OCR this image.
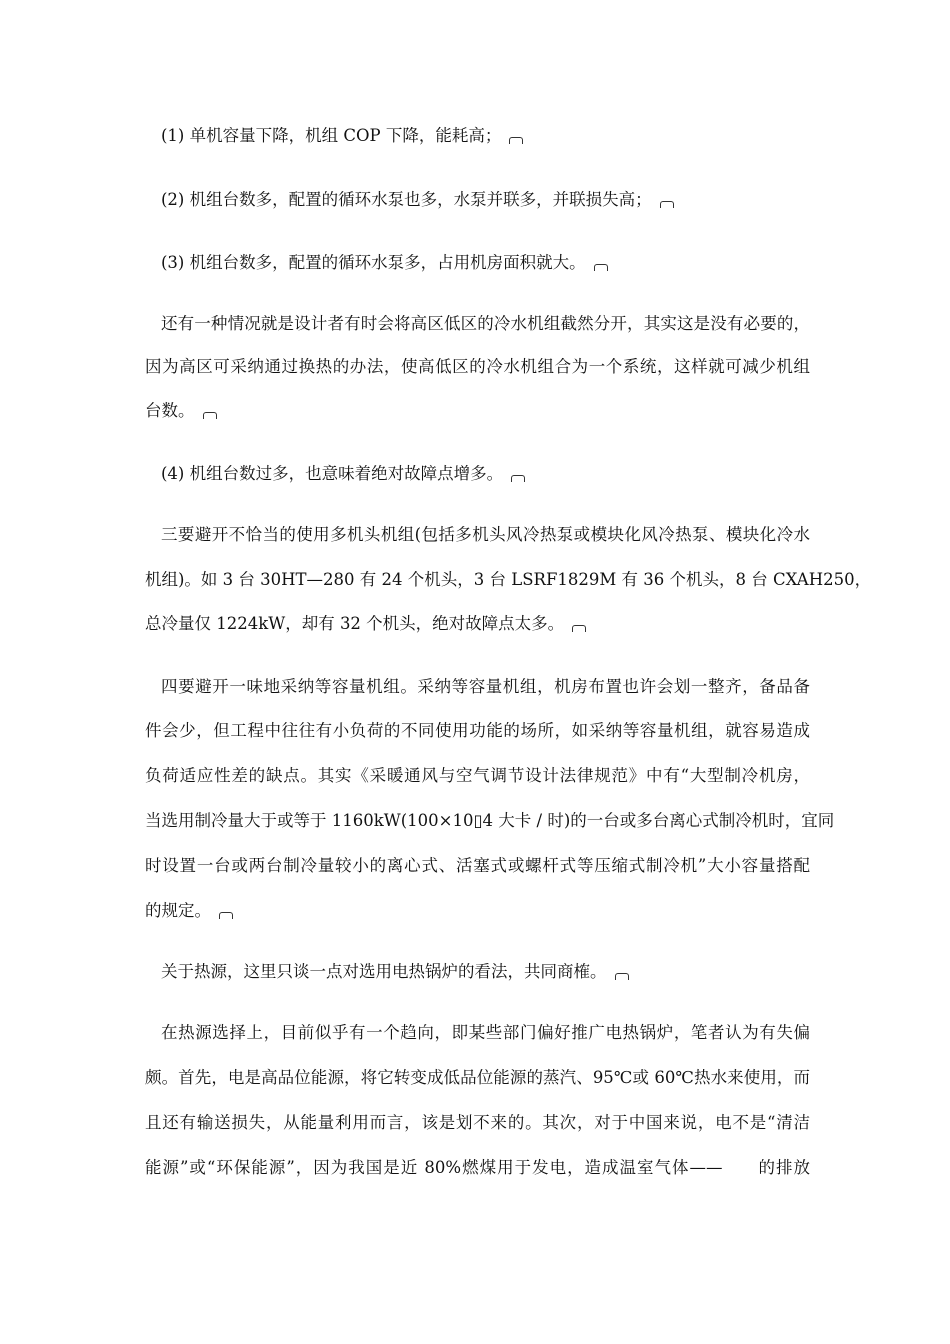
(1) 单机容量下降，机组 COP 下降，能耗高；
(2) 机组台数多，配置的循环水泵也多，水泵并联多，并联损失高；
(3) 机组台数多，配置的循环水泵多，占用机房面积就大。
还有一种情况就是设计者有时会将高区低区的冷水机组截然分开，其实这是没有必要的，
因为高区可采纳通过换热的办法，使高低区的冷水机组合为一个系统，这样就可减少机组
台数。
(4) 机组台数过多，也意味着绝对故障点增多。
三要避开不恰当的使用多机头机组(包括多机头风冷热泵或模块化风冷热泵、模块化冷水
机组)。如 3 台 30HT—280 有 24 个机头，3 台 LSRF1829M 有 36 个机头，8 台 CXAH250，
总冷量仅 1224kW，却有 32 个机头，绝对故障点太多。
四要避开一味地采纳等容量机组。采纳等容量机组，机房布置也许会划一整齐，备品备
件会少，但工程中往往有小负荷的不同使用功能的场所，如采纳等容量机组，就容易造成
负荷适应性差的缺点。其实《采暖通风与空气调节设计法律规范》中有“大型制冷机房，
当选用制冷量大于或等于 1160kW(100×10▯4 大卡 / 时)的一台或多台离心式制冷机时，宜同
时设置一台或两台制冷量较小的离心式、活塞式或螺杆式等压缩式制冷机”大小容量搭配
的规定。
关于热源，这里只谈一点对选用电热锅炉的看法，共同商榷。
在热源选择上，目前似乎有一个趋向，即某些部门偏好推广电热锅炉，笔者认为有失偏
颇。首先，电是高品位能源，将它转变成低品位能源的蒸汽、95℃或 60℃热水来使用，而
且还有输送损失，从能量利用而言，该是划不来的。其次，对于中国来说，电不是“清洁
能源”或“环保能源”，因为我国是近 80%燃煤用于发电，造成温室气体——　　的排放
